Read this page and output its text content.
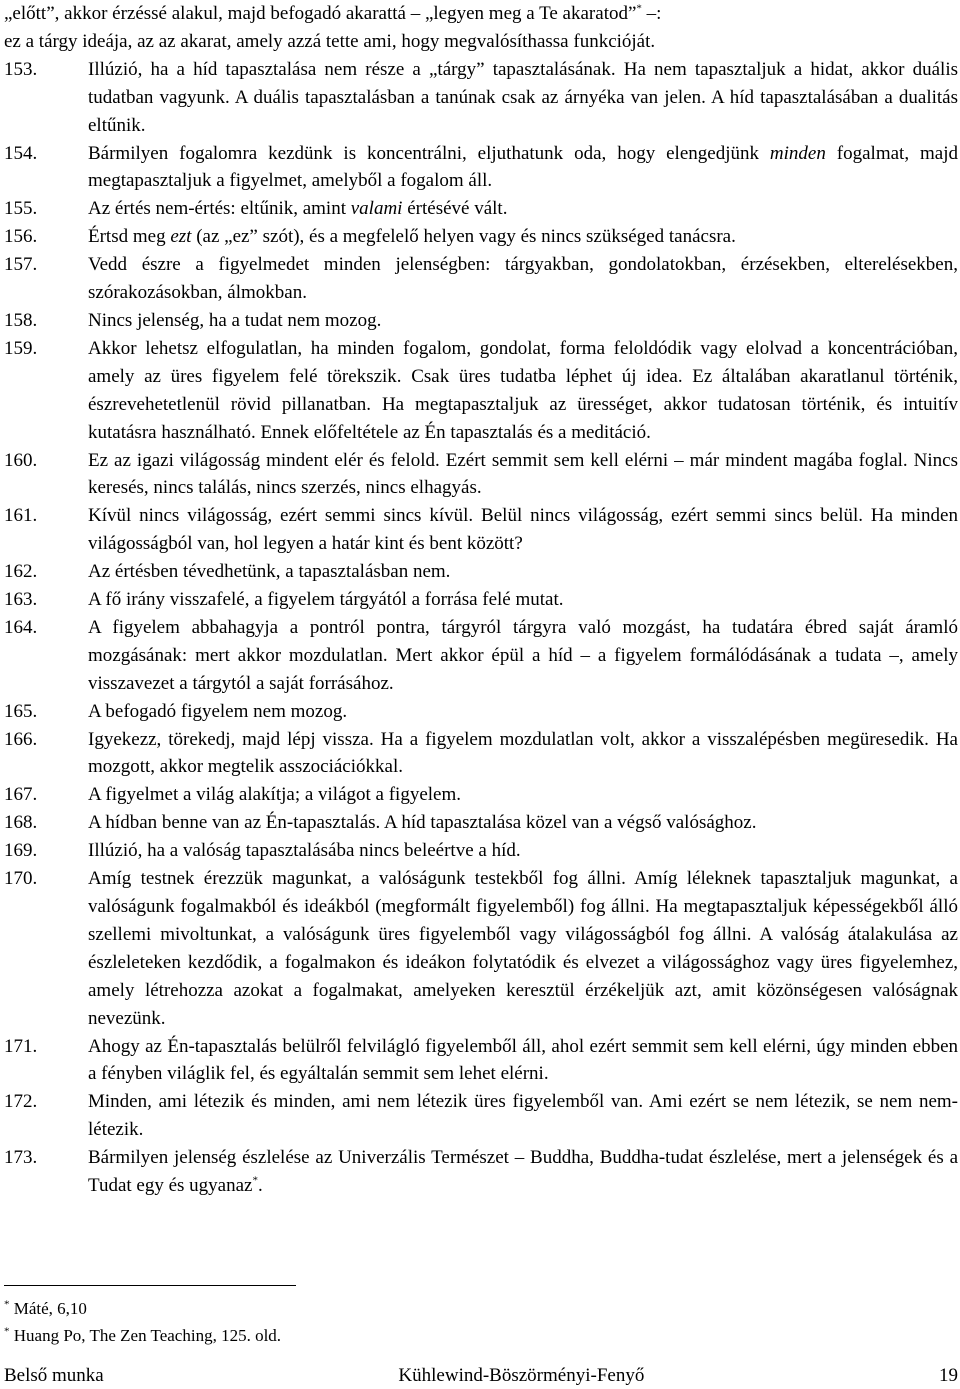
„előtt”, akkor érzéssé alakul, majd befogadó akarattá – „legyen meg a Te akaratod”* –:
ez a tárgy ideája, az az akarat, amely azzá tette ami, hogy megvalósíthassa funkcióját.
153.	Illúzió, ha a híd tapasztalása nem része a „tárgy” tapasztalásának. Ha nem tapasztaljuk a hidat, akkor duális tudatban vagyunk. A duális tapasztalásban a tanúnak csak az árnyéka van jelen. A híd tapasztalásában a dualitás eltűnik.
154.	Bármilyen fogalomra kezdünk is koncentrálni, eljuthatunk oda, hogy elengedjünk minden fogalmat, majd megtapasztaljuk a figyelmet, amelyből a fogalom áll.
155.	Az értés nem-értés: eltűnik, amint valami értésévé vált.
156.	Értsd meg ezt (az „ez” szót), és a megfelelő helyen vagy és nincs szükséged tanácsra.
157.	Vedd észre a figyelmedet minden jelenségben: tárgyakban, gondolatokban, érzésekben, elterelésekben, szórakozásokban, álmokban.
158.	Nincs jelenség, ha a tudat nem mozog.
159.	Akkor lehetsz elfogulatlan, ha minden fogalom, gondolat, forma feloldódik vagy elolvad a koncentrációban, amely az üres figyelem felé törekszik. Csak üres tudatba léphet új idea. Ez általában akaratlanul történik, észrevehetetlenül rövid pillanatban. Ha megtapasztaljuk az ürességet, akkor tudatosan történik, és intuitív kutatásra használható. Ennek előfeltétele az Én tapasztalás és a meditáció.
160.	Ez az igazi világosság mindent elér és felold. Ezért semmit sem kell elérni – már mindent magába foglal. Nincs keresés, nincs találás, nincs szerzés, nincs elhagyás.
161.	Kívül nincs világosság, ezért semmi sincs kívül. Belül nincs világosság, ezért semmi sincs belül. Ha minden világosságból van, hol legyen a határ kint és bent között?
162.	Az értésben tévedhetünk, a tapasztalásban nem.
163.	A fő irány visszafelé, a figyelem tárgyától a forrása felé mutat.
164.	A figyelem abbahagyja a pontról pontra, tárgyról tárgyra való mozgást, ha tudatára ébred saját áramló mozgásának: mert akkor mozdulatlan. Mert akkor épül a híd – a figyelem formálódásának a tudata –, amely visszavezet a tárgytól a saját forrásához.
165.	A befogadó figyelem nem mozog.
166.	Igyekezz, törekedj, majd lépj vissza. Ha a figyelem mozdulatlan volt, akkor a visszalépésben megüresedik. Ha mozgott, akkor megtelik asszociációkkal.
167.	A figyelmet a világ alakítja; a világot a figyelem.
168.	A hídban benne van az Én-tapasztalás. A híd tapasztalása közel van a végső valósághoz.
169.	Illúzió, ha a valóság tapasztalásába nincs beleértve a híd.
170.	Amíg testnek érezzük magunkat, a valóságunk testekből fog állni. Amíg léleknek tapasztaljuk magunkat, a valóságunk fogalmakból és ideákból (megformált figyelemből) fog állni. Ha megtapasztaljuk képességekből álló szellemi mivoltunkat, a valóságunk üres figyelemből vagy világosságból fog állni. A valóság átalakulása az észleleteken kezdődik, a fogalmakon és ideákon folytatódik és elvezet a világossághoz vagy üres figyelemhez, amely létrehozza azokat a fogalmakat, amelyeken keresztül érzékeljük azt, amit közönségesen valóságnak nevezünk.
171.	Ahogy az Én-tapasztalás belülről felvilágló figyelemből áll, ahol ezért semmit sem kell elérni, úgy minden ebben a fényben világlik fel, és egyáltalán semmit sem lehet elérni.
172.	Minden, ami létezik és minden, ami nem létezik üres figyelemből van. Ami ezért se nem létezik, se nem nem-létezik.
173.	Bármilyen jelenség észlelése az Univerzális Természet – Buddha, Buddha-tudat észlelése, mert a jelenségek és a Tudat egy és ugyanaz*.
* Máté, 6,10
* Huang Po, The Zen Teaching, 125. old.
Belső munka	Kühlewind-Böszörményi-Fenyő	19
